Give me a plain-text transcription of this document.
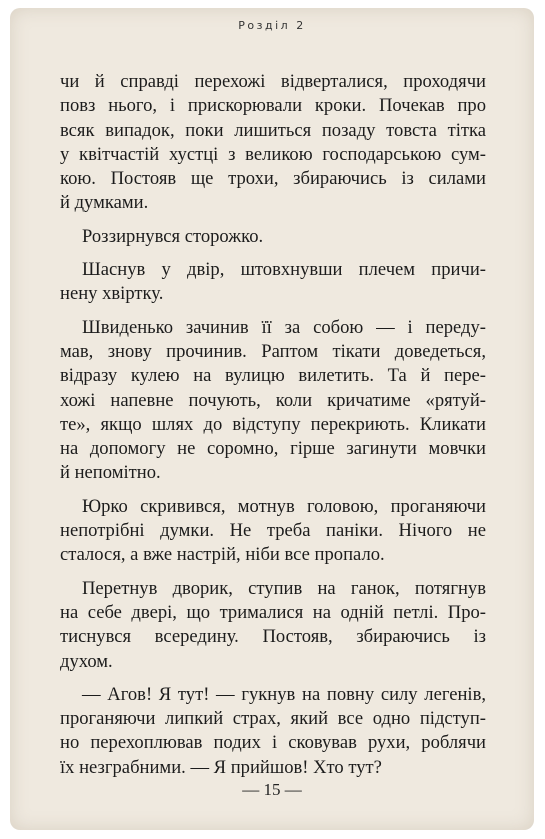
Розділ 2
чи й справді перехожі відверталися, проходячи
повз нього, і прискорювали кроки. Почекав про
всяк випадок, поки лишиться позаду товста тітка
у квітчастій хустці з великою господарською сум-
кою. Постояв ще трохи, збираючись із силами
й думками.
Роззирнувся сторожко.
Шаснув у двір, штовхнувши плечем причи-
нену хвіртку.
Швиденько зачинив її за собою — і переду-
мав, знову прочинив. Раптом тікати доведеться,
відразу кулею на вулицю вилетить. Та й пере-
хожі напевне почують, коли кричатиме «рятуй-
те», якщо шлях до відступу перекриють. Кликати
на допомогу не соромно, гірше загинути мовчки
й непомітно.
Юрко скривився, мотнув головою, проганяючи
непотрібні думки. Не треба паніки. Нічого не
сталося, а вже настрій, ніби все пропало.
Перетнув дворик, ступив на ганок, потягнув
на себе двері, що трималися на одній петлі. Про-
тиснувся всередину. Постояв, збираючись із
духом.
— Агов! Я тут! — гукнув на повну силу легенів,
проганяючи липкий страх, який все одно підступ-
но перехоплював подих і сковував рухи, роблячи
їх незграбними. — Я прийшов! Хто тут?
— 15 —
